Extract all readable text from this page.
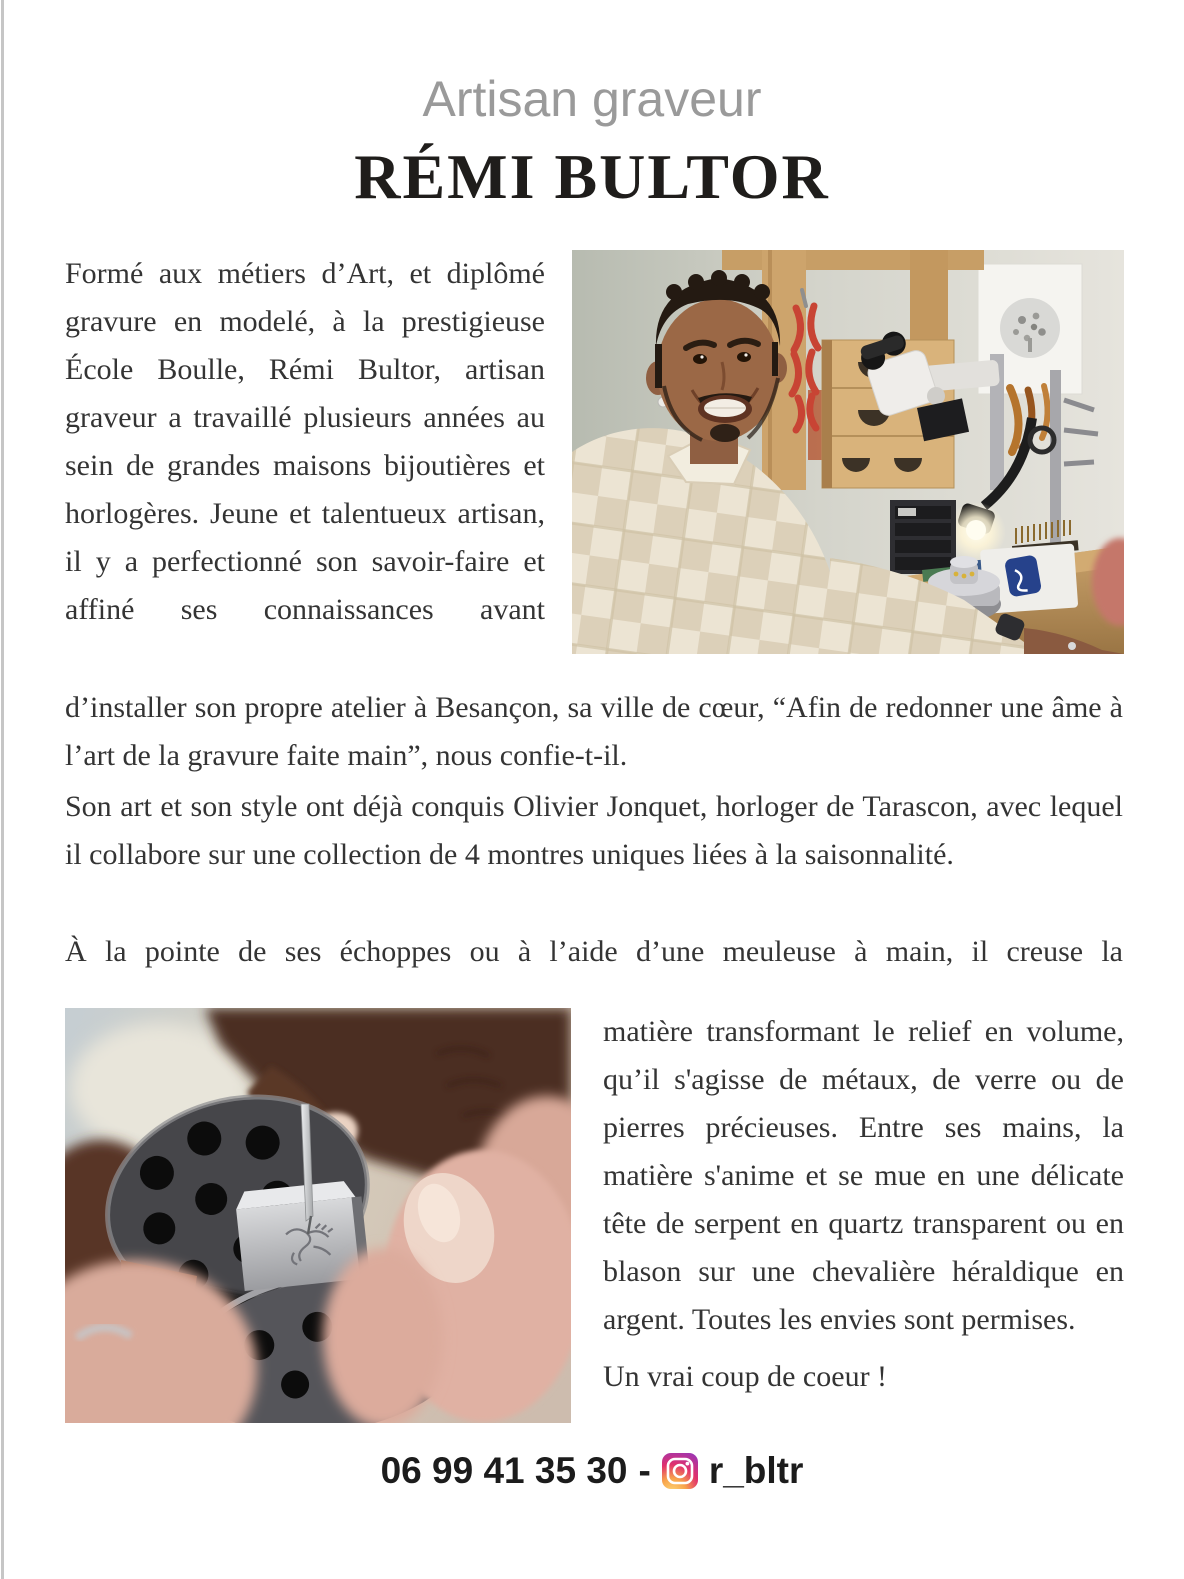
Artisan graveur
RÉMI BULTOR
Formé aux métiers d’Art, et diplômé gravure en modelé, à la prestigieuse École Boulle, Rémi Bultor, artisan graveur a travaillé plusieurs années au sein de grandes maisons bijoutières et horlogères. Jeune et talentueux artisan, il y a perfectionné son savoir-faire et affiné ses connaissances avant
d’installer son propre atelier à Besançon, sa ville de cœur, “Afin de redonner une âme à l’art de la gravure faite main”, nous confie-t-il.
Son art et son style ont déjà conquis Olivier Jonquet, horloger de Tarascon, avec lequel il collabore sur une collection de 4 montres uniques liées à la saisonnalité.
À la pointe de ses échoppes ou à l’aide d’une meuleuse à main, il creuse la
matière transformant le relief en volume, qu’il s'agisse de métaux, de verre ou de pierres précieuses. Entre ses mains, la matière s'anime et se mue en une délicate tête de serpent en quartz transparent ou en blason sur une chevalière héraldique en argent. Toutes les envies sont permises.
Un vrai coup de coeur !
06 99 41 35 30 - r_bltr
